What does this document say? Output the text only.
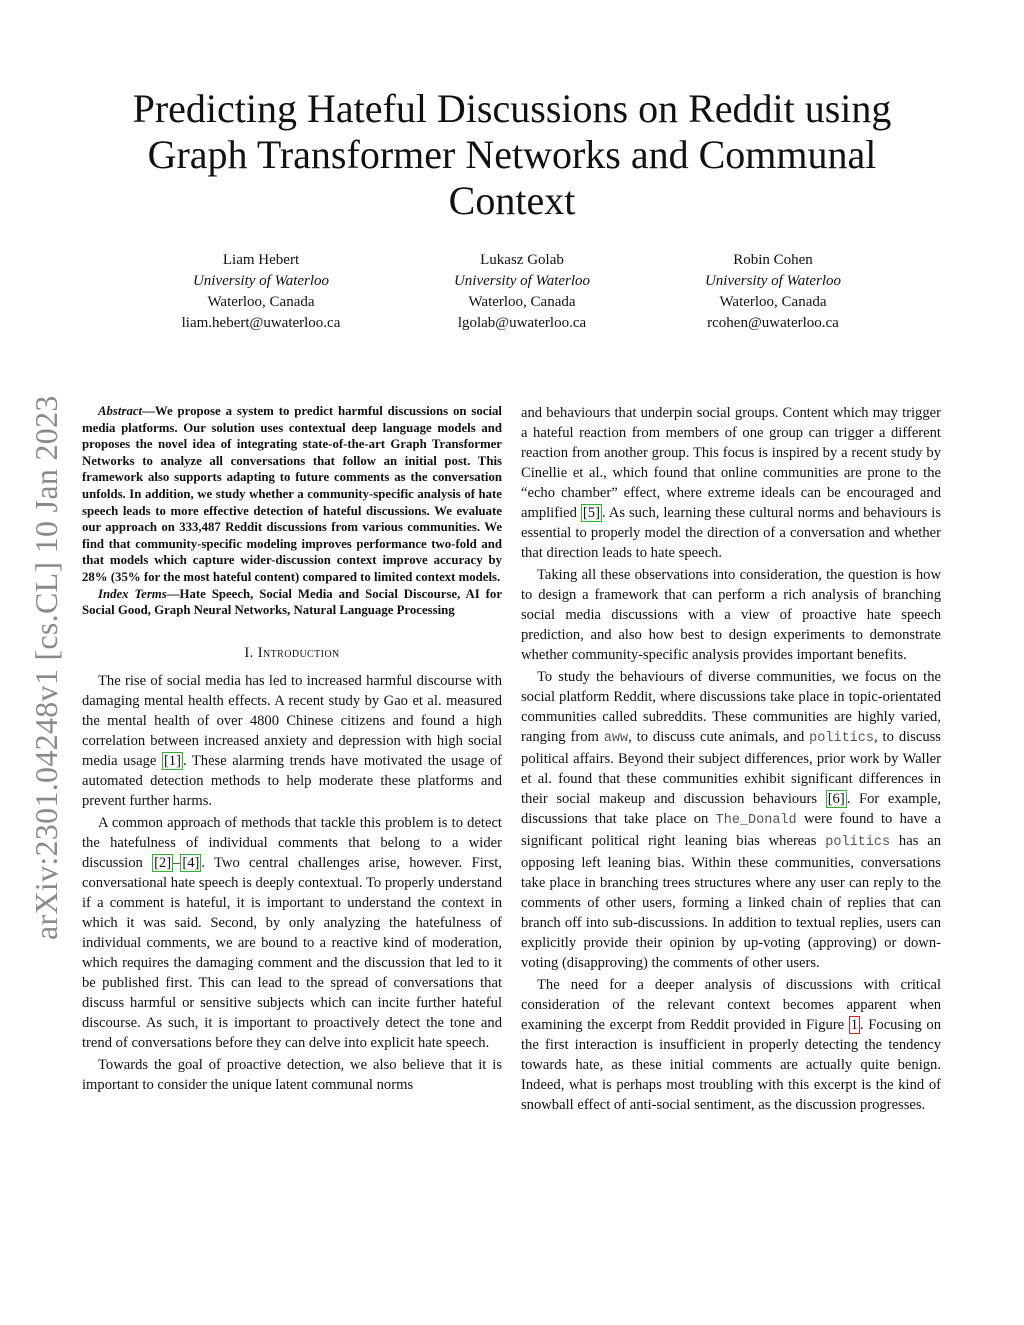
arXiv:2301.04248v1 [cs.CL] 10 Jan 2023
Predicting Hateful Discussions on Reddit using Graph Transformer Networks and Communal Context
Liam Hebert
University of Waterloo
Waterloo, Canada
liam.hebert@uwaterloo.ca
Lukasz Golab
University of Waterloo
Waterloo, Canada
lgolab@uwaterloo.ca
Robin Cohen
University of Waterloo
Waterloo, Canada
rcohen@uwaterloo.ca

Abstract—We propose a system to predict harmful discussions on social media platforms. Our solution uses contextual deep language models and proposes the novel idea of integrating state-of-the-art Graph Transformer Networks to analyze all conversations that follow an initial post. This framework also supports adapting to future comments as the conversation unfolds. In addition, we study whether a community-specific analysis of hate speech leads to more effective detection of hateful discussions. We evaluate our approach on 333,487 Reddit discussions from various communities. We find that community-specific modeling improves performance two-fold and that models which capture wider-discussion context improve accuracy by 28% (35% for the most hateful content) compared to limited context models.

Index Terms—Hate Speech, Social Media and Social Discourse, AI for Social Good, Graph Neural Networks, Natural Language Processing

I. Introduction

The rise of social media has led to increased harmful discourse with damaging mental health effects. A recent study by Gao et al. measured the mental health of over 4800 Chinese citizens and found a high correlation between increased anxiety and depression with high social media usage [1] . These alarming trends have motivated the usage of automated detection methods to help moderate these platforms and prevent further harms.

A common approach of methods that tackle this problem is to detect the hatefulness of individual comments that belong to a wider discussion [2] – [4] . Two central challenges arise, however. First, conversational hate speech is deeply contextual. To properly understand if a comment is hateful, it is important to understand the context in which it was said. Second, by only analyzing the hatefulness of individual comments, we are bound to a reactive kind of moderation, which requires the damaging comment and the discussion that led to it be published first. This can lead to the spread of conversations that discuss harmful or sensitive subjects which can incite further hateful discourse. As such, it is important to proactively detect the tone and trend of conversations before they can delve into explicit hate speech.

Towards the goal of proactive detection, we also believe that it is important to consider the unique latent communal norms

and behaviours that underpin social groups. Content which may trigger a hateful reaction from members of one group can trigger a different reaction from another group. This focus is inspired by a recent study by Cinellie et al., which found that online communities are prone to the “echo chamber” effect, where extreme ideals can be encouraged and amplified [5] . As such, learning these cultural norms and behaviours is essential to properly model the direction of a conversation and whether that direction leads to hate speech.

Taking all these observations into consideration, the question is how to design a framework that can perform a rich analysis of branching social media discussions with a view of proactive hate speech prediction, and also how best to design experiments to demonstrate whether community-specific analysis provides important benefits.

To study the behaviours of diverse communities, we focus on the social platform Reddit, where discussions take place in topic-orientated communities called subreddits. These communities are highly varied, ranging from aww, to discuss cute animals, and politics, to discuss political affairs. Beyond their subject differences, prior work by Waller et al. found that these communities exhibit significant differences in their social makeup and discussion behaviours [6] . For example, discussions that take place on The_Donald were found to have a significant political right leaning bias whereas politics has an opposing left leaning bias. Within these communities, conversations take place in branching trees structures where any user can reply to the comments of other users, forming a linked chain of replies that can branch off into sub-discussions. In addition to textual replies, users can explicitly provide their opinion by up-voting (approving) or down-voting (disapproving) the comments of other users.

The need for a deeper analysis of discussions with critical consideration of the relevant context becomes apparent when examining the excerpt from Reddit provided in Figure 1 . Focusing on the first interaction is insufficient in properly detecting the tendency towards hate, as these initial comments are actually quite benign. Indeed, what is perhaps most troubling with this excerpt is the kind of snowball effect of anti-social sentiment, as the discussion progresses.
